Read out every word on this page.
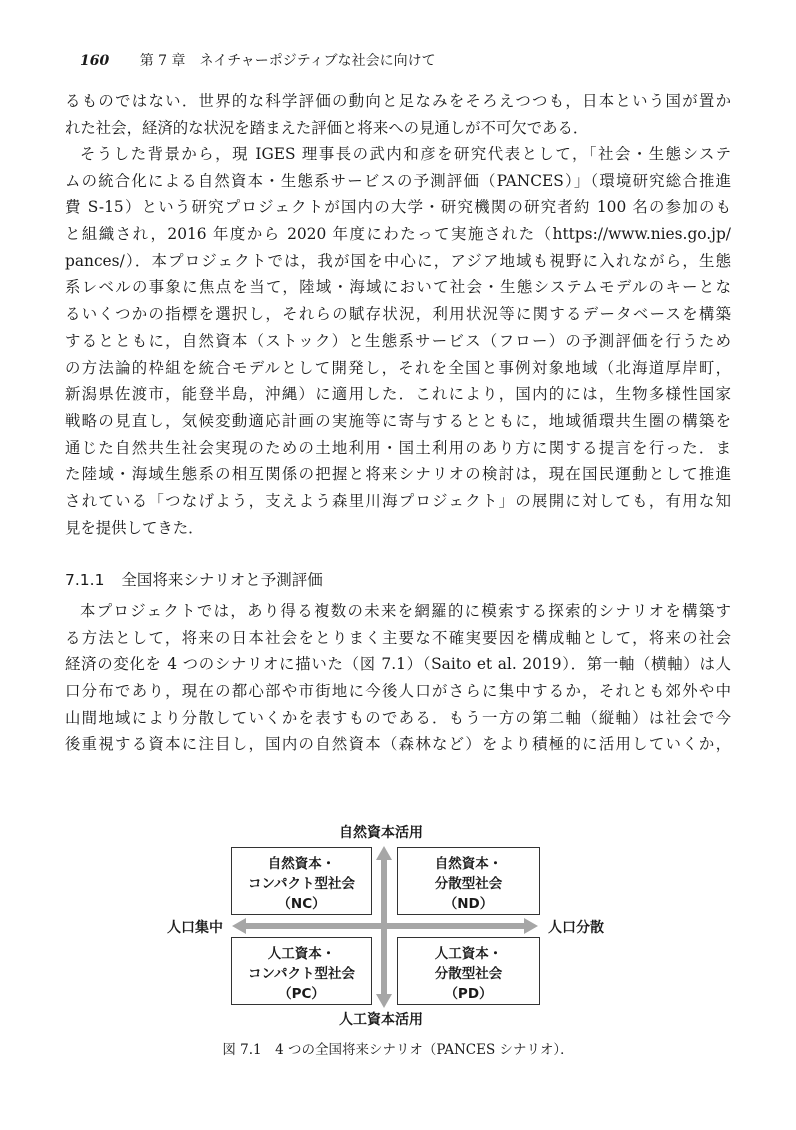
160 第 7 章　ネイチャーポジティブな社会に向けて
るものではない．世界的な科学評価の動向と足なみをそろえつつも，日本という国が置か
れた社会，経済的な状況を踏まえた評価と将来への見通しが不可欠である．
そうした背景から，現 IGES 理事長の武内和彦を研究代表として，「社会・生態システ
ムの統合化による自然資本・生態系サービスの予測評価（PANCES）」（環境研究総合推進
費 S-15）という研究プロジェクトが国内の大学・研究機関の研究者約 100 名の参加のも
と組織され，2016 年度から 2020 年度にわたって実施された（https://www.nies.go.jp/
pances/）．本プロジェクトでは，我が国を中心に，アジア地域も視野に入れながら，生態
系レベルの事象に焦点を当て，陸域・海域において社会・生態システムモデルのキーとな
るいくつかの指標を選択し，それらの賦存状況，利用状況等に関するデータベースを構築
するとともに，自然資本（ストック）と生態系サービス（フロー）の予測評価を行うため
の方法論的枠組を統合モデルとして開発し，それを全国と事例対象地域（北海道厚岸町，
新潟県佐渡市，能登半島，沖縄）に適用した．これにより，国内的には，生物多様性国家
戦略の見直し，気候変動適応計画の実施等に寄与するとともに，地域循環共生圏の構築を
通じた自然共生社会実現のための土地利用・国土利用のあり方に関する提言を行った．ま
た陸域・海域生態系の相互関係の把握と将来シナリオの検討は，現在国民運動として推進
されている「つなげよう，支えよう森里川海プロジェクト」の展開に対しても，有用な知
見を提供してきた．
7.1.1 全国将来シナリオと予測評価
本プロジェクトでは，あり得る複数の未来を網羅的に模索する探索的シナリオを構築す
る方法として，将来の日本社会をとりまく主要な不確実要因を構成軸として，将来の社会
経済の変化を 4 つのシナリオに描いた（図 7.1）（Saito et al. 2019）．第一軸（横軸）は人
口分布であり，現在の都心部や市街地に今後人口がさらに集中するか，それとも郊外や中
山間地域により分散していくかを表すものである．もう一方の第二軸（縦軸）は社会で今
後重視する資本に注目し，国内の自然資本（森林など）をより積極的に活用していくか，
自然資本・
コンパクト型社会
（NC）
自然資本・
分散型社会
（ND）
人工資本・
コンパクト型社会
（PC）
人工資本・
分散型社会
（PD）
自然資本活用
人工資本活用
人口集中	人口分散
図 7.1　4 つの全国将来シナリオ（PANCES シナリオ）．
